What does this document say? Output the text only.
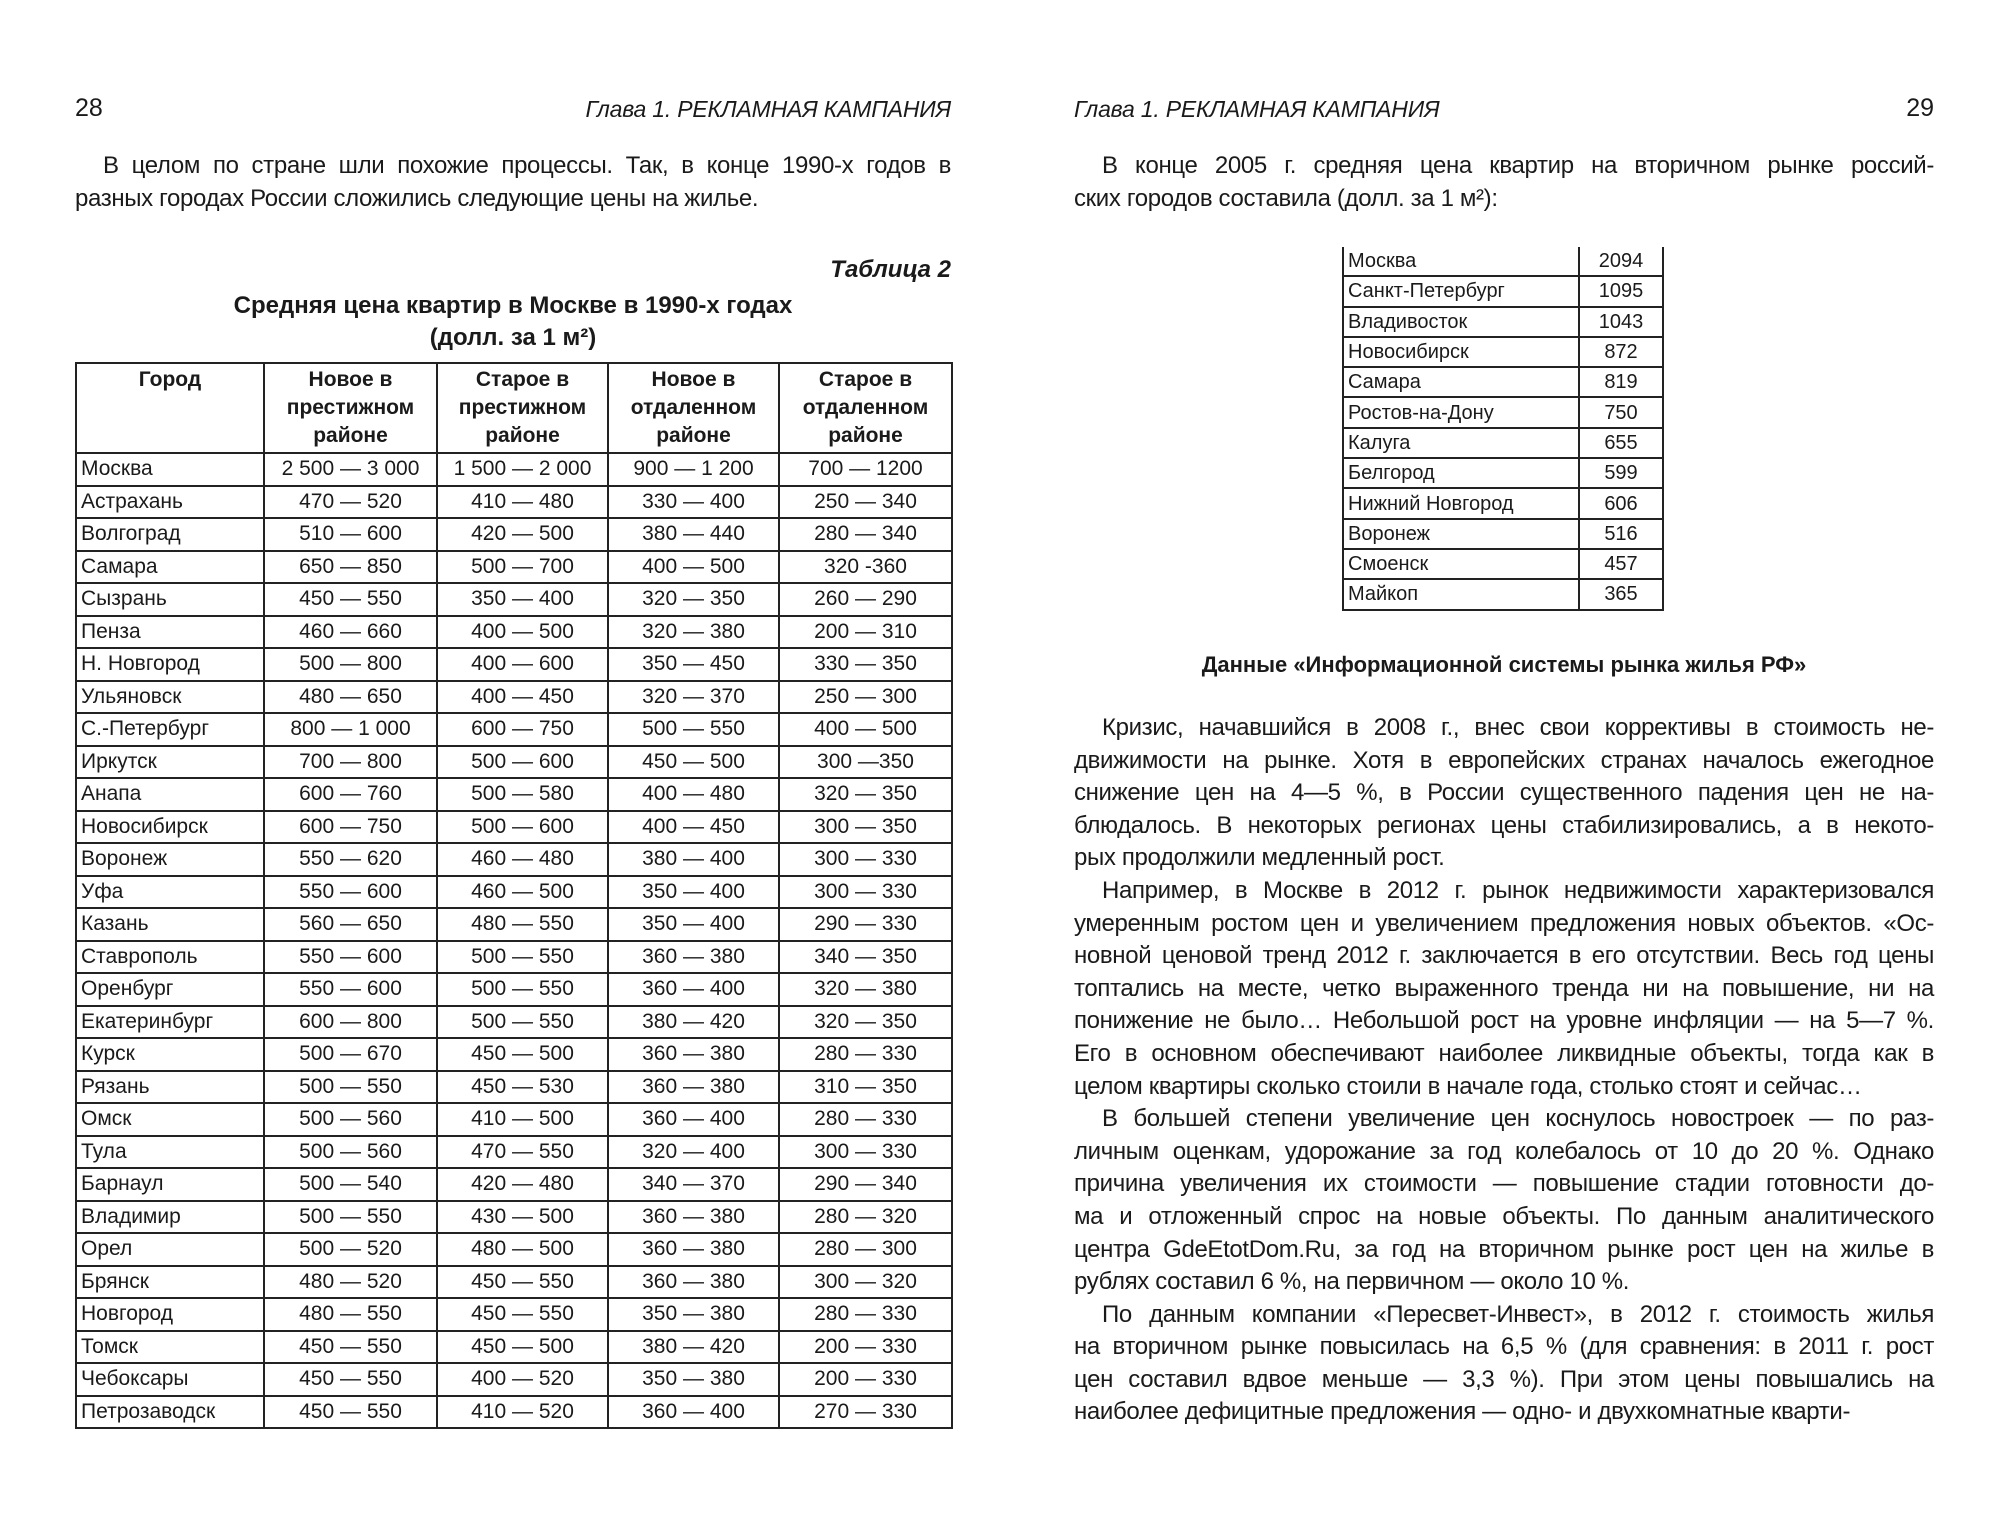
28	Глава 1. РЕКЛАМНАЯ КАМПАНИЯ
В целом по стране шли похожие процессы. Так, в конце 1990-х годов в
разных городах России сложились следующие цены на жилье.
Таблица 2
Средняя цена квартир в Москве в 1990-х годах
(долл. за 1 м²)
Город	Новое в престижном районе	Старое в престижном районе	Новое в отдаленном районе	Старое в отдаленном районе
Москва	2 500 — 3 000	1 500 — 2 000	900 — 1 200	700 — 1200
Астрахань	470 — 520	410 — 480	330 — 400	250 — 340
Волгоград	510 — 600	420 — 500	380 — 440	280 — 340
Самара	650 — 850	500 — 700	400 — 500	320 -360
Сызрань	450 — 550	350 — 400	320 — 350	260 — 290
Пенза	460 — 660	400 — 500	320 — 380	200 — 310
Н. Новгород	500 — 800	400 — 600	350 — 450	330 — 350
Ульяновск	480 — 650	400 — 450	320 — 370	250 — 300
С.-Петербург	800 — 1 000	600 — 750	500 — 550	400 — 500
Иркутск	700 — 800	500 — 600	450 — 500	300 —350
Анапа	600 — 760	500 — 580	400 — 480	320 — 350
Новосибирск	600 — 750	500 — 600	400 — 450	300 — 350
Воронеж	550 — 620	460 — 480	380 — 400	300 — 330
Уфа	550 — 600	460 — 500	350 — 400	300 — 330
Казань	560 — 650	480 — 550	350 — 400	290 — 330
Ставрополь	550 — 600	500 — 550	360 — 380	340 — 350
Оренбург	550 — 600	500 — 550	360 — 400	320 — 380
Екатеринбург	600 — 800	500 — 550	380 — 420	320 — 350
Курск	500 — 670	450 — 500	360 — 380	280 — 330
Рязань	500 — 550	450 — 530	360 — 380	310 — 350
Омск	500 — 560	410 — 500	360 — 400	280 — 330
Тула	500 — 560	470 — 550	320 — 400	300 — 330
Барнаул	500 — 540	420 — 480	340 — 370	290 — 340
Владимир	500 — 550	430 — 500	360 — 380	280 — 320
Орел	500 — 520	480 — 500	360 — 380	280 — 300
Брянск	480 — 520	450 — 550	360 — 380	300 — 320
Новгород	480 — 550	450 — 550	350 — 380	280 — 330
Томск	450 — 550	450 — 500	380 — 420	200 — 330
Чебоксары	450 — 550	400 — 520	350 — 380	200 — 330
Петрозаводск	450 — 550	410 — 520	360 — 400	270 — 330
Глава 1. РЕКЛАМНАЯ КАМПАНИЯ	29
В конце 2005 г. средняя цена квартир на вторичном рынке россий-
ских городов составила (долл. за 1 м²):
Москва	2094
Санкт-Петербург	1095
Владивосток	1043
Новосибирск	872
Самара	819
Ростов-на-Дону	750
Калуга	655
Белгород	599
Нижний Новгород	606
Воронеж	516
Смоенск	457
Майкоп	365
Данные «Информационной системы рынка жилья РФ»
Кризис, начавшийся в 2008 г., внес свои коррективы в стоимость не-
движимости на рынке. Хотя в европейских странах началось ежегодное
снижение цен на 4—5 %, в России существенного падения цен не на-
блюдалось. В некоторых регионах цены стабилизировались, а в некото-
рых продолжили медленный рост.
Например, в Москве в 2012 г. рынок недвижимости характеризовался
умеренным ростом цен и увеличением предложения новых объектов. «Ос-
новной ценовой тренд 2012 г. заключается в его отсутствии. Весь год цены
топтались на месте, четко выраженного тренда ни на повышение, ни на
понижение не было… Небольшой рост на уровне инфляции — на 5—7 %.
Его в основном обеспечивают наиболее ликвидные объекты, тогда как в
целом квартиры сколько стоили в начале года, столько стоят и сейчас…
В большей степени увеличение цен коснулось новостроек — по раз-
личным оценкам, удорожание за год колебалось от 10 до 20 %. Однако
причина увеличения их стоимости — повышение стадии готовности до-
ма и отложенный спрос на новые объекты. По данным аналитического
центра GdeEtotDom.Ru, за год на вторичном рынке рост цен на жилье в
рублях составил 6 %, на первичном — около 10 %.
По данным компании «Пересвет-Инвест», в 2012 г. стоимость жилья
на вторичном рынке повысилась на 6,5 % (для сравнения: в 2011 г. рост
цен составил вдвое меньше — 3,3 %). При этом цены повышались на
наиболее дефицитные предложения — одно- и двухкомнатные кварти-
